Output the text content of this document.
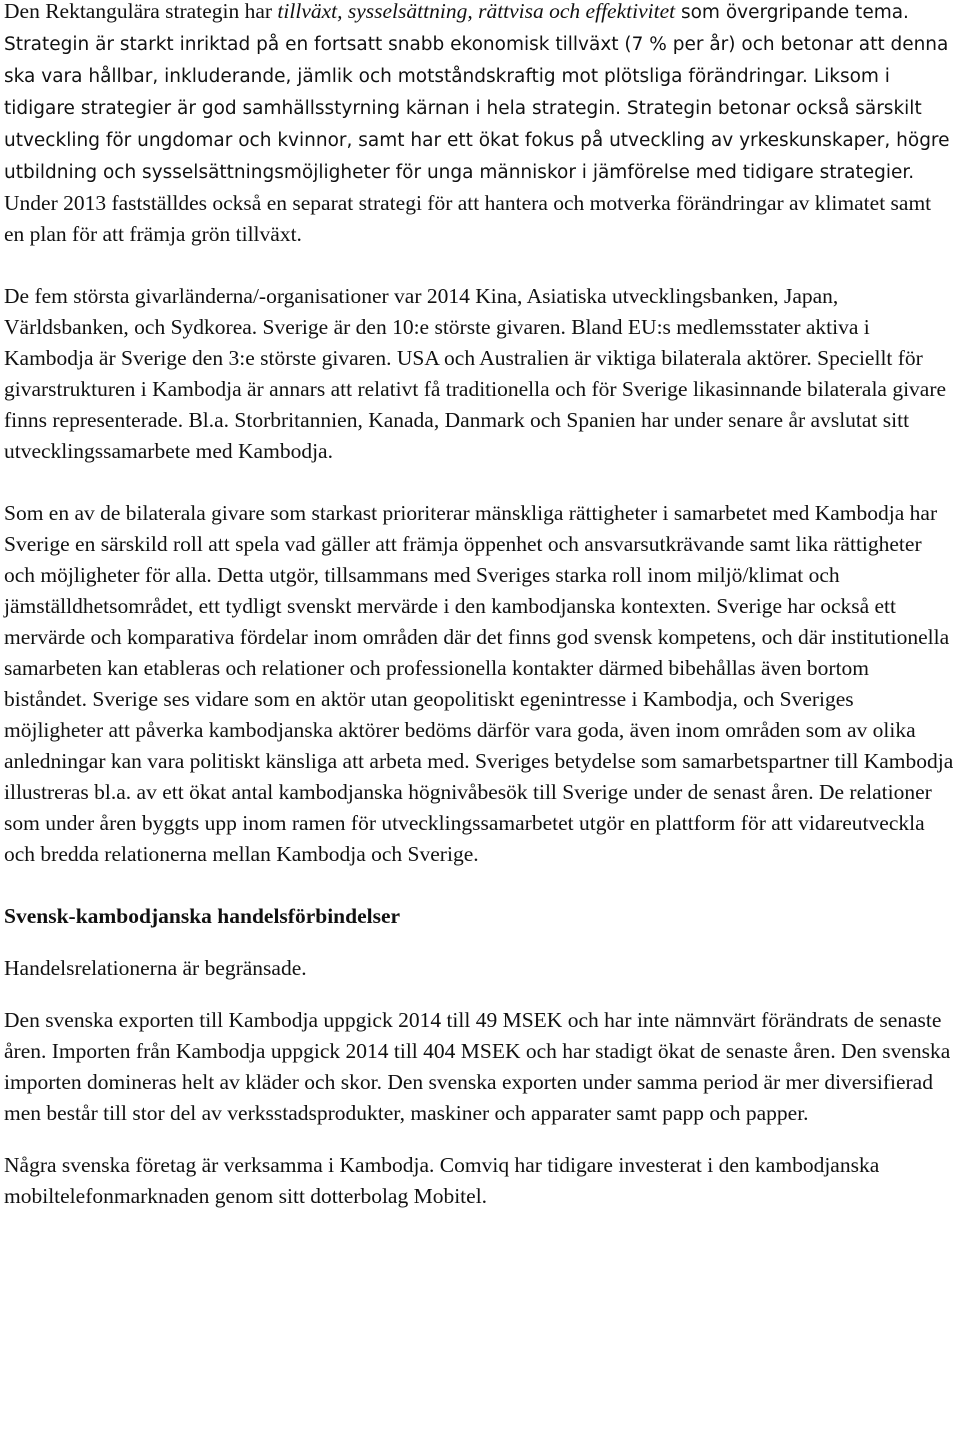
Den Rektangulära strategin har tillväxt, sysselsättning, rättvisa och effektivitet som övergripande tema. Strategin är starkt inriktad på en fortsatt snabb ekonomisk tillväxt (7 % per år) och betonar att denna ska vara hållbar, inkluderande, jämlik och motståndskraftig mot plötsliga förändringar. Liksom i tidigare strategier är god samhällsstyrning kärnan i hela strategin. Strategin betonar också särskilt utveckling för ungdomar och kvinnor, samt har ett ökat fokus på utveckling av yrkeskunskaper, högre utbildning och sysselsättningsmöjligheter för unga människor i jämförelse med tidigare strategier. Under 2013 fastställdes också en separat strategi för att hantera och motverka förändringar av klimatet samt en plan för att främja grön tillväxt.

De fem största givarländerna/-organisationer var 2014 Kina, Asiatiska utvecklingsbanken, Japan, Världsbanken, och Sydkorea. Sverige är den 10:e störste givaren. Bland EU:s medlemsstater aktiva i Kambodja är Sverige den 3:e störste givaren. USA och Australien är viktiga bilaterala aktörer. Speciellt för givarstrukturen i Kambodja är annars att relativt få traditionella och för Sverige likasinnande bilaterala givare finns representerade. Bl.a. Storbritannien, Kanada, Danmark och Spanien har under senare år avslutat sitt utvecklingssamarbete med Kambodja.

Som en av de bilaterala givare som starkast prioriterar mänskliga rättigheter i samarbetet med Kambodja har Sverige en särskild roll att spela vad gäller att främja öppenhet och ansvarsutkrävande samt lika rättigheter och möjligheter för alla. Detta utgör, tillsammans med Sveriges starka roll inom miljö/klimat och jämställdhetsområdet, ett tydligt svenskt mervärde i den kambodjanska kontexten. Sverige har också ett mervärde och komparativa fördelar inom områden där det finns god svensk kompetens, och där institutionella samarbeten kan etableras och relationer och professionella kontakter därmed bibehållas även bortom biståndet. Sverige ses vidare som en aktör utan geopolitiskt egenintresse i Kambodja, och Sveriges möjligheter att påverka kambodjanska aktörer bedöms därför vara goda, även inom områden som av olika anledningar kan vara politiskt känsliga att arbeta med. Sveriges betydelse som samarbetspartner till Kambodja illustreras bl.a. av ett ökat antal kambodjanska högnivåbesök till Sverige under de senast åren. De relationer som under åren byggts upp inom ramen för utvecklingssamarbetet utgör en plattform för att vidareutveckla och bredda relationerna mellan Kambodja och Sverige.

Svensk-kambodjanska handelsförbindelser

Handelsrelationerna är begränsade.

Den svenska exporten till Kambodja uppgick 2014 till 49 MSEK och har inte nämnvärt förändrats de senaste åren. Importen från Kambodja uppgick 2014 till 404 MSEK och har stadigt ökat de senaste åren. Den svenska importen domineras helt av kläder och skor. Den svenska exporten under samma period är mer diversifierad men består till stor del av verksstadsprodukter, maskiner och apparater samt papp och papper.

Några svenska företag är verksamma i Kambodja. Comviq har tidigare investerat i den kambodjanska mobiltelefonmarknaden genom sitt dotterbolag Mobitel.
